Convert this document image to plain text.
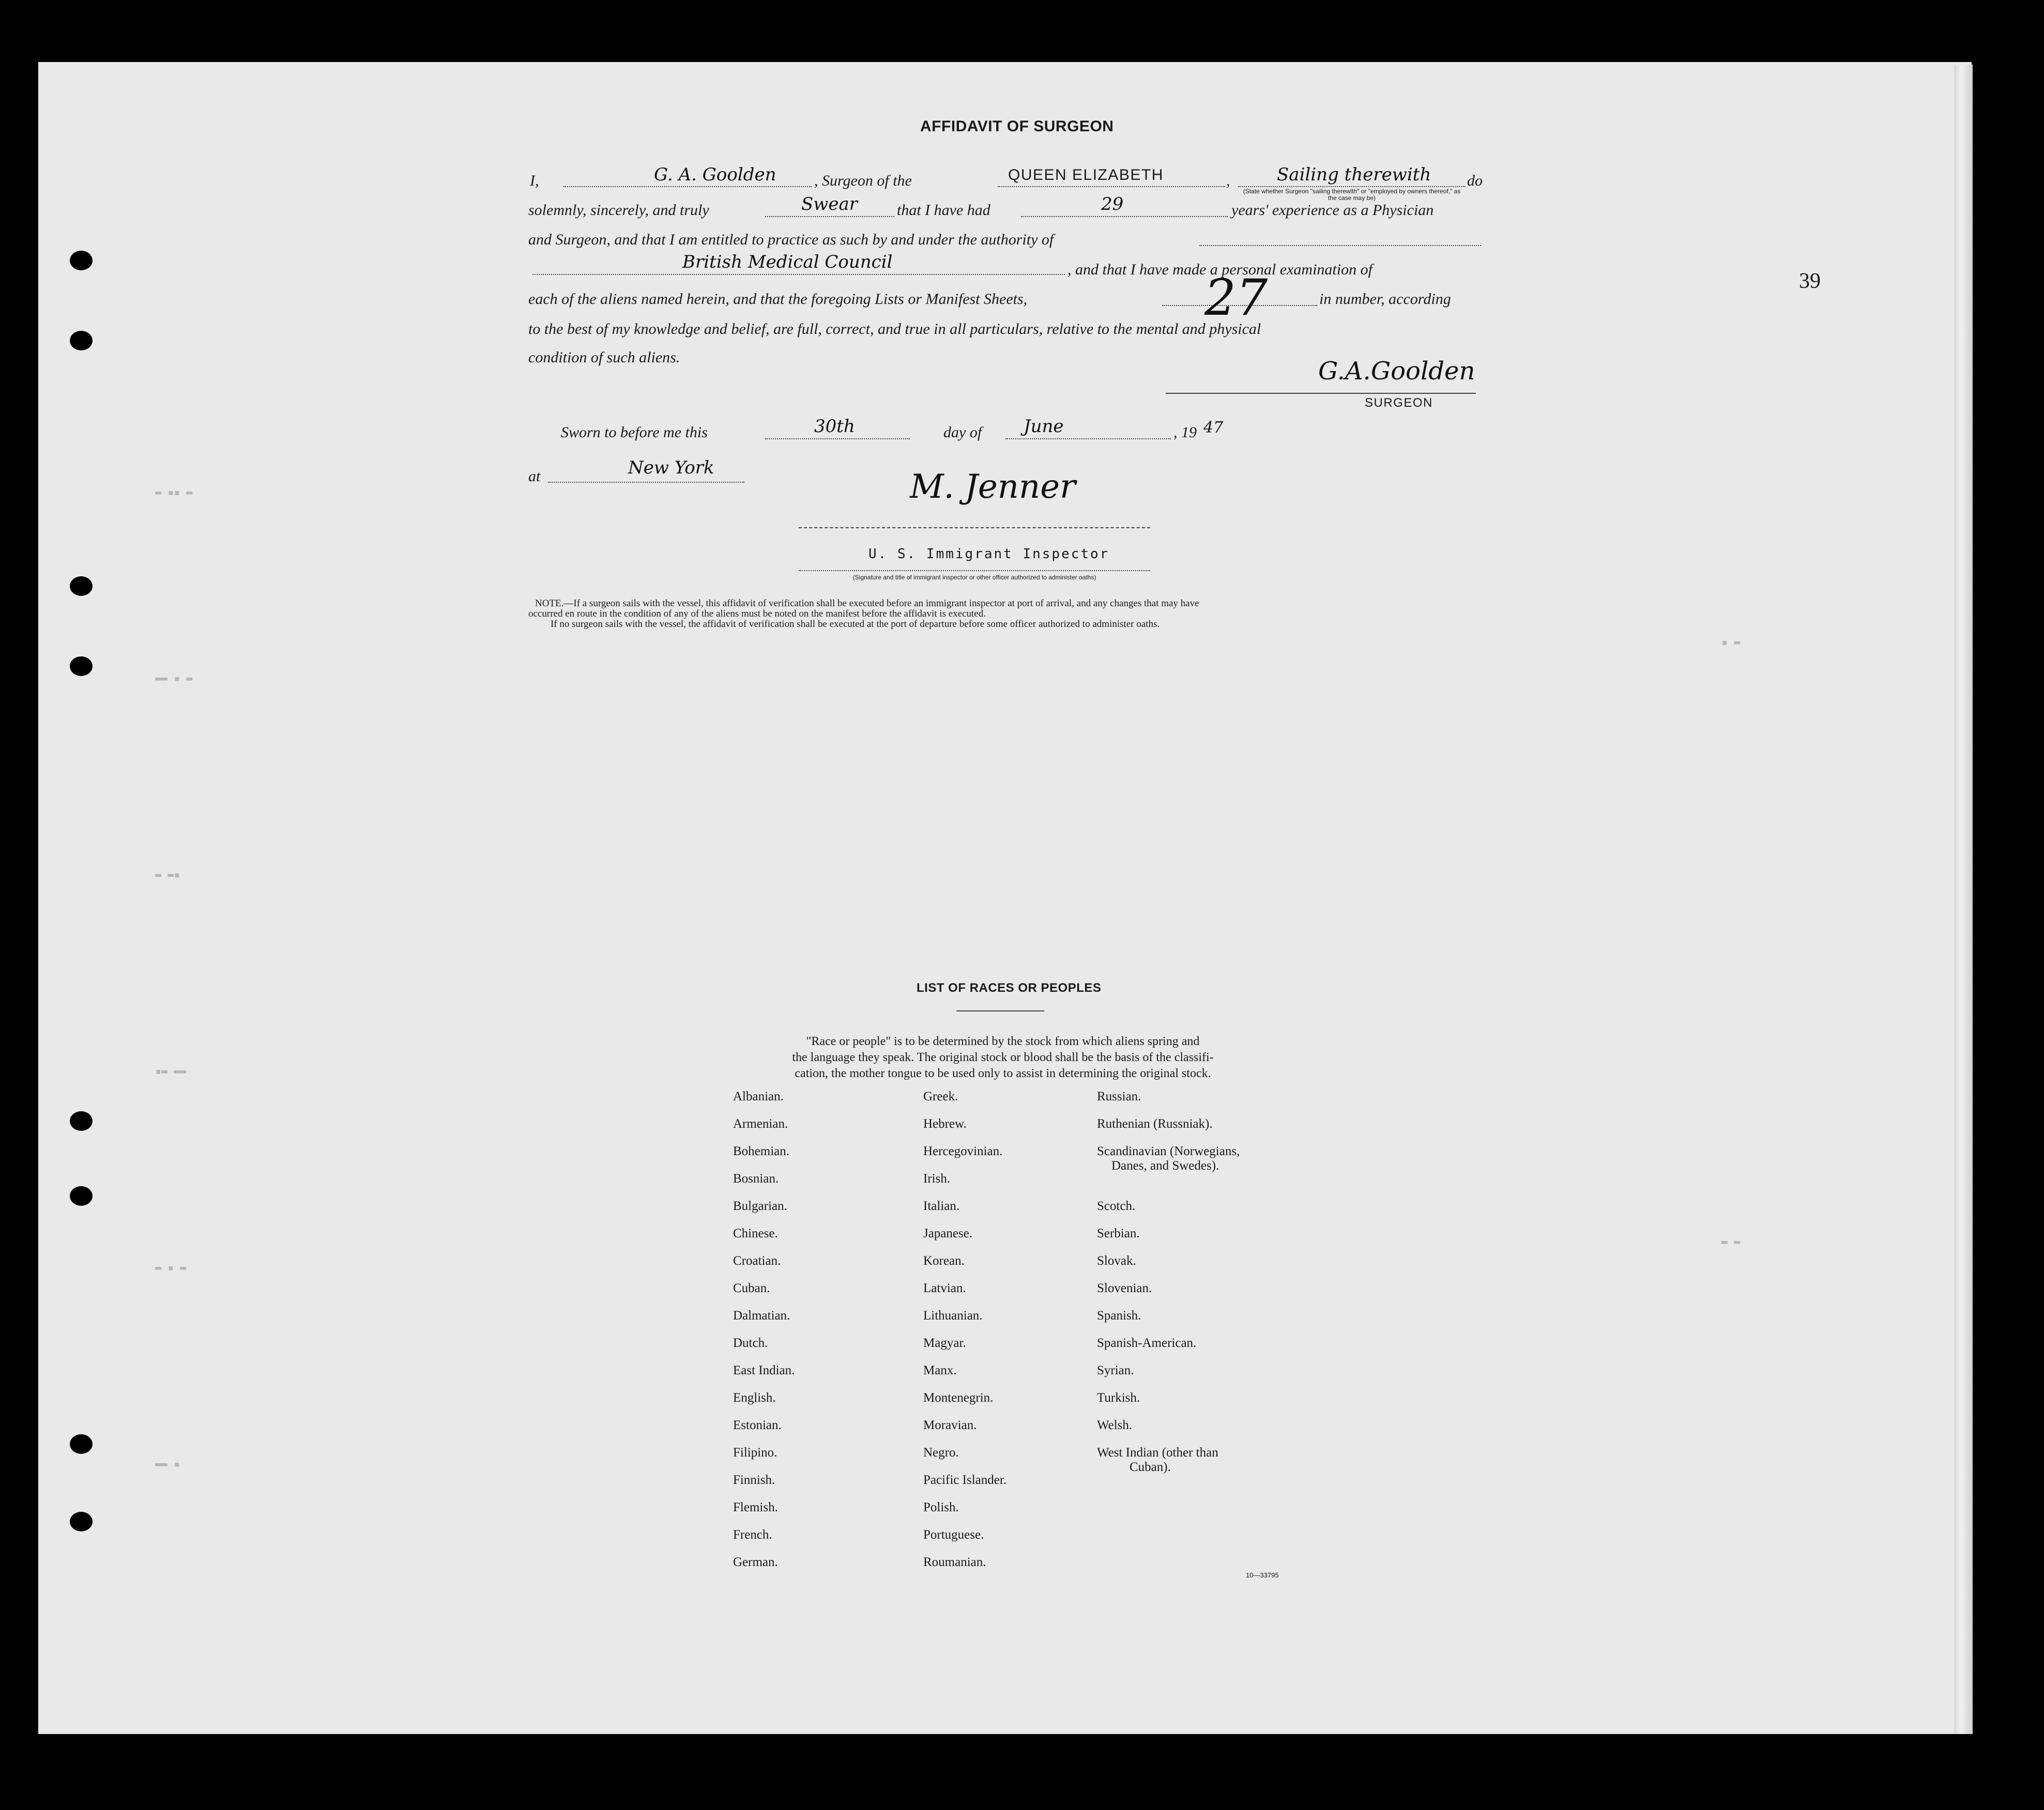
▬ ▪▪ ▬
▬▬ ▪ ▬
▬ ▬▪
▪▬ ▬▬
▬ ▪ ▬
▬▬ ▪
▪ ▬
▬ ▬
AFFIDAVIT OF SURGEON
I,	G. A. Goolden , Surgeon of the	QUEEN ELIZABETH	,	Sailing therewith do
(State whether Surgeon "sailing therewith" or "employed by owners thereof," as the case may be)
solemnly, sincerely, and truly	Swear	that I have had	29	years' experience as a Physician
and Surgeon, and that I am entitled to practice as such by and under the authority of
British Medical Council	, and that I have made a personal examination of
each of the aliens named herein, and that the foregoing Lists or Manifest Sheets,	27	in number, according
to the best of my knowledge and belief, are full, correct, and true in all particulars, relative to the mental and physical
condition of such aliens.	G.A.Goolden
SURGEON
Sworn to before me this	30th	day of June	, 19 47
at	New York	M. Jenner
U. S. Immigrant Inspector
(Signature and title of immigrant inspector or other officer authorized to administer oaths)
NOTE.—If a surgeon sails with the vessel, this affidavit of verification shall be executed before an immigrant inspector at port of arrival, and any changes that may have
occurred en route in the condition of any of the aliens must be noted on the manifest before the affidavit is executed.
If no surgeon sails with the vessel, the affidavit of verification shall be executed at the port of departure before some officer authorized to administer oaths.
39
LIST OF RACES OR PEOPLES
"Race or people" is to be determined by the stock from which aliens spring and
the language they speak. The original stock or blood shall be the basis of the classifi-
cation, the mother tongue to be used only to assist in determining the original stock.
Albanian.
Armenian.
Bohemian.
Bosnian.
Bulgarian.
Chinese.
Croatian.
Cuban.
Dalmatian.
Dutch.
East Indian.
English.
Estonian.
Filipino.
Finnish.
Flemish.
French.
German.
Greek.
Hebrew.
Hercegovinian.
Irish.
Italian.
Japanese.
Korean.
Latvian.
Lithuanian.
Magyar.
Manx.
Montenegrin.
Moravian.
Negro.
Pacific Islander.
Polish.
Portuguese.
Roumanian.
Russian.
Ruthenian (Russniak).
Scandinavian (Norwegians,
Danes, and Swedes).
Scotch.
Serbian.
Slovak.
Slovenian.
Spanish.
Spanish-American.
Syrian.
Turkish.
Welsh.
West Indian (other than
Cuban).
10—33795
